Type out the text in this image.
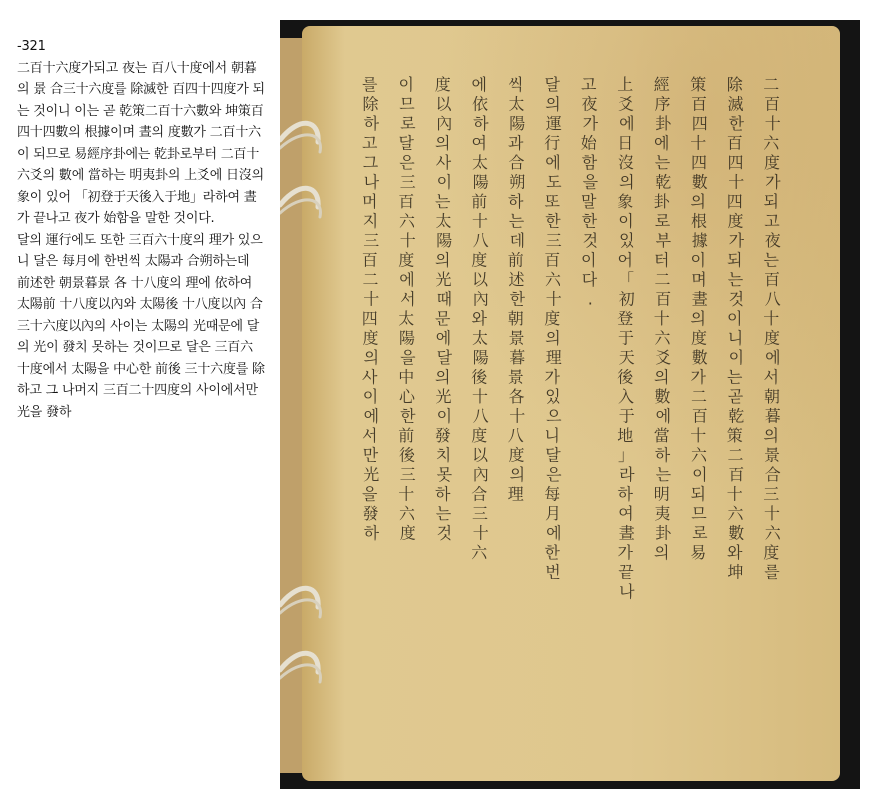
-321

二百十六度가되고 夜는 百八十度에서 朝暮의 景 合三十六度를 除滅한 百四十四度가 되는 것이니 이는 곧 乾策二百十六數와 坤策百四十四數의 根據이며 晝의 度數가 二百十六이 되므로 易經序卦에는 乾卦로부터 二百十六爻의 數에 當하는 明夷卦의 上爻에 日沒의 象이 있어 「初登于天後入于地」라하여 晝가 끝나고 夜가 始함을 말한 것이다.

달의 運行에도 또한 三百六十度의 理가 있으니 달은 每月에 한번씩 太陽과 合朔하는데 前述한 朝景暮景 各 十八度의 理에 依하여 太陽前 十八度以內와 太陽後 十八度以內 合 三十六度以內의 사이는 太陽의 光때문에 달의 光이 發치 못하는 것이므로 달은 三百六十度에서 太陽을 中心한 前後 三十六度를 除하고 그 나머지 三百二十四度의 사이에서만 光을 發하

二百十六度 가 되 고 夜 는 百八十度 에 서 朝暮 의 景合三十六度 를
除滅 한 百四十四度 가 되 는 것 이 니 이 는 곧 乾策二百十六數 와 坤
策百四十四數 의 根據 이 며 晝 의 度數 가 二百十六 이 되 므 로 易
經序卦 에 는 乾卦 로 부 터 二百十六爻 의 數 에 當 하 는 明夷卦 의
上爻 에 日沒 의 象 이 있 어 「初登于天後入于地」 라 하 여 晝 가 끝 나
고 夜 가 始 함 을 말 한 것 이 다 .
달 의 運行 에 도 또 한 三百六十度 의 理 가 있 으 니 달 은 每月 에 한 번
씩 太陽 과 合朔 하 는 데 前述 한 朝景暮景各十八度 의 理
에 依 하 여 太陽前十八度以內 와 太陽後十八度以內合三十六
度以內 의 사 이 는 太陽 의 光 때 문 에 달 의 光 이 發 치 못 하 는 것
이 므 로 달 은 三百六十度 에 서 太陽 을 中心 한 前後三十六度
를 除 하 고 그 나 머 지 三百二十四度 의 사 이 에 서 만 光 을 發 하
